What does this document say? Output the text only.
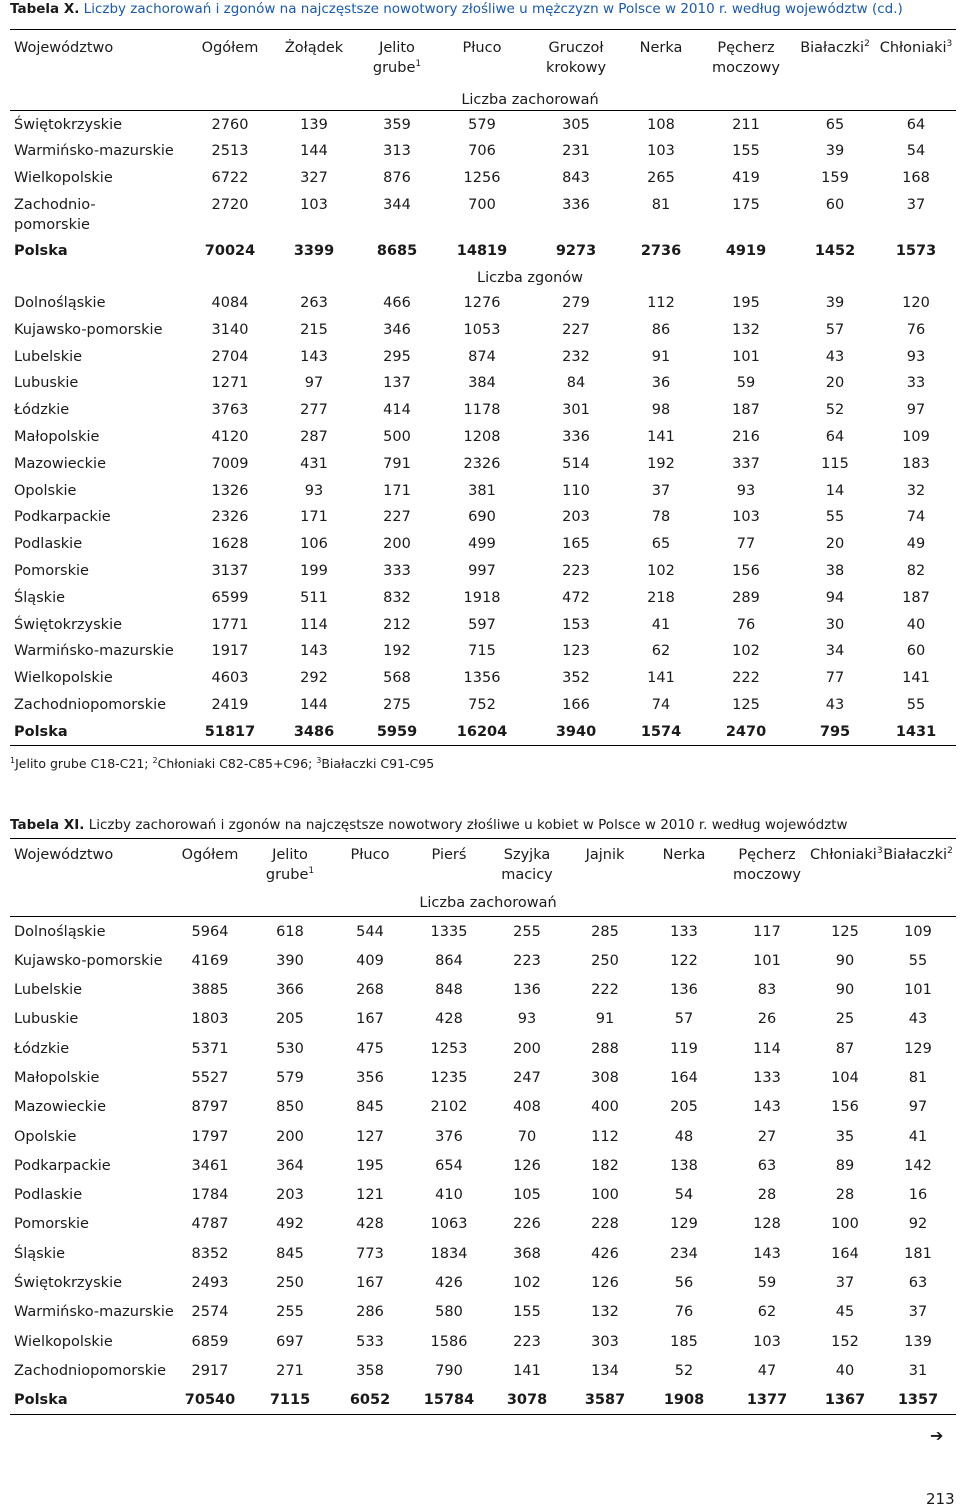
Tabela X. Liczby zachorowań i zgonów na najczęstsze nowotwory złośliwe u mężczyzn w Polsce w 2010 r. według województw (cd.)
Województwo	Ogółem	Żołądek	Jelito grube$^1$	Płuco	Gruczoł krokowy	Nerka	Pęcherz moczowy	Białaczki$^2$	Chłoniaki$^3$
				Liczba zachorowań					
Świętokrzyskie	2760	139	359	579	305	108	211	65	64
Warmińsko-mazurskie	2513	144	313	706	231	103	155	39	54
Wielkopolskie	6722	327	876	1256	843	265	419	159	168
Zachodnio-
pomorskie	2720	103	344	700	336	81	175	60	37
Polska	70024	3399	8685	14819	9273	2736	4919	1452	1573
				Liczba zgonów					
Dolnośląskie	4084	263	466	1276	279	112	195	39	120
Kujawsko-pomorskie	3140	215	346	1053	227	86	132	57	76
Lubelskie	2704	143	295	874	232	91	101	43	93
Lubuskie	1271	97	137	384	84	36	59	20	33
Łódzkie	3763	277	414	1178	301	98	187	52	97
Małopolskie	4120	287	500	1208	336	141	216	64	109
Mazowieckie	7009	431	791	2326	514	192	337	115	183
Opolskie	1326	93	171	381	110	37	93	14	32
Podkarpackie	2326	171	227	690	203	78	103	55	74
Podlaskie	1628	106	200	499	165	65	77	20	49
Pomorskie	3137	199	333	997	223	102	156	38	82
Śląskie	6599	511	832	1918	472	218	289	94	187
Świętokrzyskie	1771	114	212	597	153	41	76	30	40
Warmińsko-mazurskie	1917	143	192	715	123	62	102	34	60
Wielkopolskie	4603	292	568	1356	352	141	222	77	141
Zachodniopomorskie	2419	144	275	752	166	74	125	43	55
Polska	51817	3486	5959	16204	3940	1574	2470	795	1431
$^1$Jelito grube C18-C21; $^2$Chłoniaki C82-C85+C96; $^3$Białaczki C91-C95
Tabela XI. Liczby zachorowań i zgonów na najczęstsze nowotwory złośliwe u kobiet w Polsce w 2010 r. według województw
Województwo	Ogółem	Jelito grube$^1$	Płuco	Pierś	Szyjka macicy	Jajnik	Nerka	Pęcherz moczowy	Chłoniaki$^3$	Białaczki$^2$
				Liczba zachorowań						
Dolnośląskie	5964	618	544	1335	255	285	133	117	125	109
Kujawsko-pomorskie	4169	390	409	864	223	250	122	101	90	55
Lubelskie	3885	366	268	848	136	222	136	83	90	101
Lubuskie	1803	205	167	428	93	91	57	26	25	43
Łódzkie	5371	530	475	1253	200	288	119	114	87	129
Małopolskie	5527	579	356	1235	247	308	164	133	104	81
Mazowieckie	8797	850	845	2102	408	400	205	143	156	97
Opolskie	1797	200	127	376	70	112	48	27	35	41
Podkarpackie	3461	364	195	654	126	182	138	63	89	142
Podlaskie	1784	203	121	410	105	100	54	28	28	16
Pomorskie	4787	492	428	1063	226	228	129	128	100	92
Śląskie	8352	845	773	1834	368	426	234	143	164	181
Świętokrzyskie	2493	250	167	426	102	126	56	59	37	63
Warmińsko-mazurskie	2574	255	286	580	155	132	76	62	45	37
Wielkopolskie	6859	697	533	1586	223	303	185	103	152	139
Zachodniopomorskie	2917	271	358	790	141	134	52	47	40	31
Polska	70540	7115	6052	15784	3078	3587	1908	1377	1367	1357
➔
213
